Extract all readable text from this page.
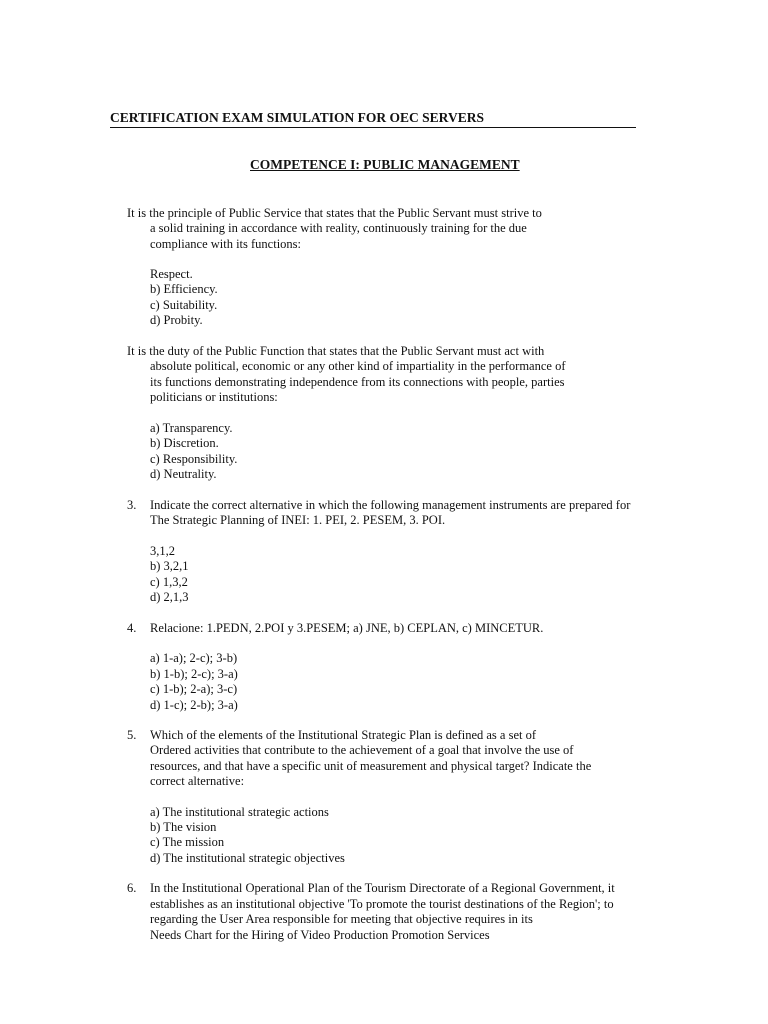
CERTIFICATION EXAM SIMULATION FOR OEC SERVERS
COMPETENCE I: PUBLIC MANAGEMENT
It is the principle of Public Service that states that the Public Servant must strive to
a solid training in accordance with reality, continuously training for the due
compliance with its functions:
Respect.
b) Efficiency.
c) Suitability.
d) Probity.
It is the duty of the Public Function that states that the Public Servant must act with
absolute political, economic or any other kind of impartiality in the performance of
its functions demonstrating independence from its connections with people, parties
politicians or institutions:
a) Transparency.
b) Discretion.
c) Responsibility.
d) Neutrality.
3. Indicate the correct alternative in which the following management instruments are prepared for
The Strategic Planning of INEI: 1. PEI, 2. PESEM, 3. POI.
3,1,2
b) 3,2,1
c) 1,3,2
d) 2,1,3
4. Relacione: 1.PEDN, 2.POI y 3.PESEM; a) JNE, b) CEPLAN, c) MINCETUR.
a) 1-a); 2-c); 3-b)
b) 1-b); 2-c); 3-a)
c) 1-b); 2-a); 3-c)
d) 1-c); 2-b); 3-a)
5. Which of the elements of the Institutional Strategic Plan is defined as a set of
Ordered activities that contribute to the achievement of a goal that involve the use of
resources, and that have a specific unit of measurement and physical target? Indicate the
correct alternative:
a) The institutional strategic actions
b) The vision
c) The mission
d) The institutional strategic objectives
6. In the Institutional Operational Plan of the Tourism Directorate of a Regional Government, it
establishes as an institutional objective 'To promote the tourist destinations of the Region'; to
regarding the User Area responsible for meeting that objective requires in its
Needs Chart for the Hiring of Video Production Promotion Services
